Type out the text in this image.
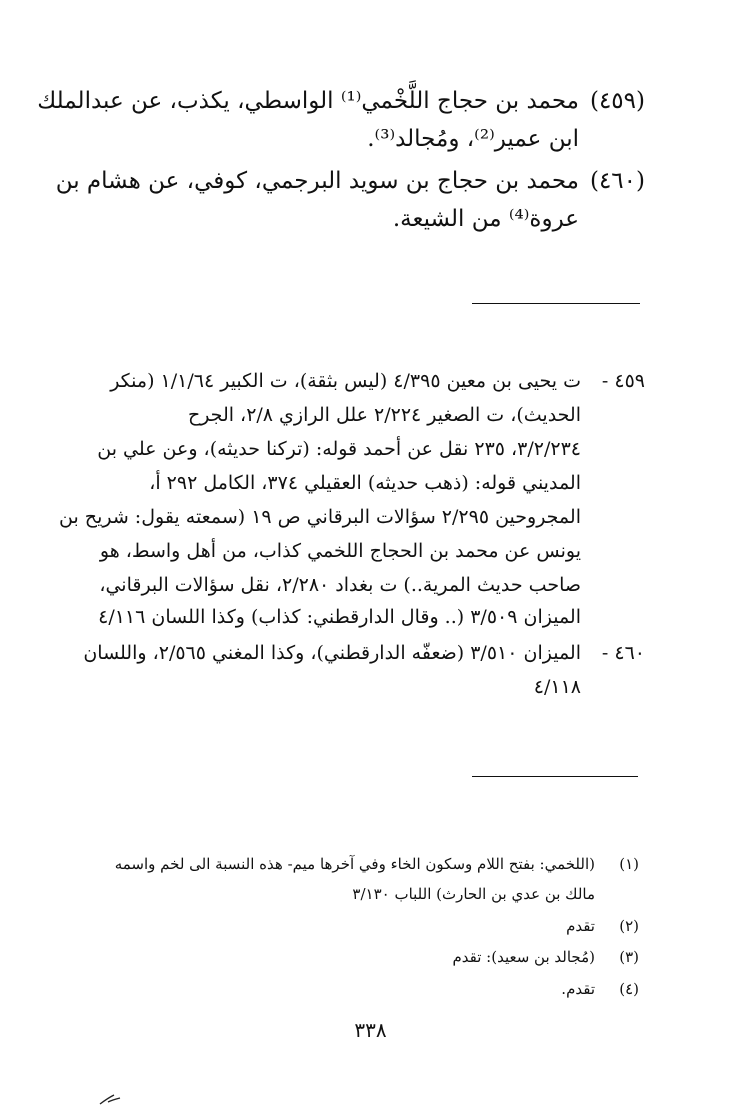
(٤٥٩)
محمد بن حجاج اللَّخْمي⁽¹⁾ الواسطي، يكذب، عن عبدالملك
ابن عمير⁽²⁾، ومُجالد⁽³⁾.
(٤٦٠)
محمد بن حجاج بن سويد البرجمي، كوفي، عن هشام بن
عروة⁽⁴⁾ من الشيعة.
٤٥٩ -
ت يحيى بن معين ٤/٣٩٥ (ليس بثقة)، ت الكبير ١/١/٦٤ (منكر
الحديث)، ت الصغير ٢/٢٢٤ علل الرازي ٢/٨، الجرح
٣/٢/٢٣٤، ٢٣٥ نقل عن أحمد قوله: (تركنا حديثه)، وعن علي بن
المديني قوله: (ذهب حديثه) العقيلي ٣٧٤، الكامل ٢٩٢ أ،
المجروحين ٢/٢٩٥ سؤالات البرقاني ص ١٩ (سمعته يقول: شريح بن
يونس عن محمد بن الحجاج اللخمي كذاب، من أهل واسط، هو
صاحب حديث المرية..) ت بغداد ٢/٢٨٠، نقل سؤالات البرقاني،
الميزان ٣/٥٠٩ (.. وقال الدارقطني: كذاب) وكذا اللسان ٤/١١٦
٤٦٠ -
الميزان ٣/٥١٠ (ضعفّه الدارقطني)، وكذا المغني ٢/٥٦٥، واللسان
٤/١١٨
(١)
(اللخمي: بفتح اللام وسكون الخاء وفي آخرها ميم- هذه النسبة الى لخم واسمه
مالك بن عدي بن الحارث) اللباب ٣/١٣٠
(٢)
تقدم
(٣)
(مُجالد بن سعيد): تقدم
(٤)
تقدم.
٣٣٨
